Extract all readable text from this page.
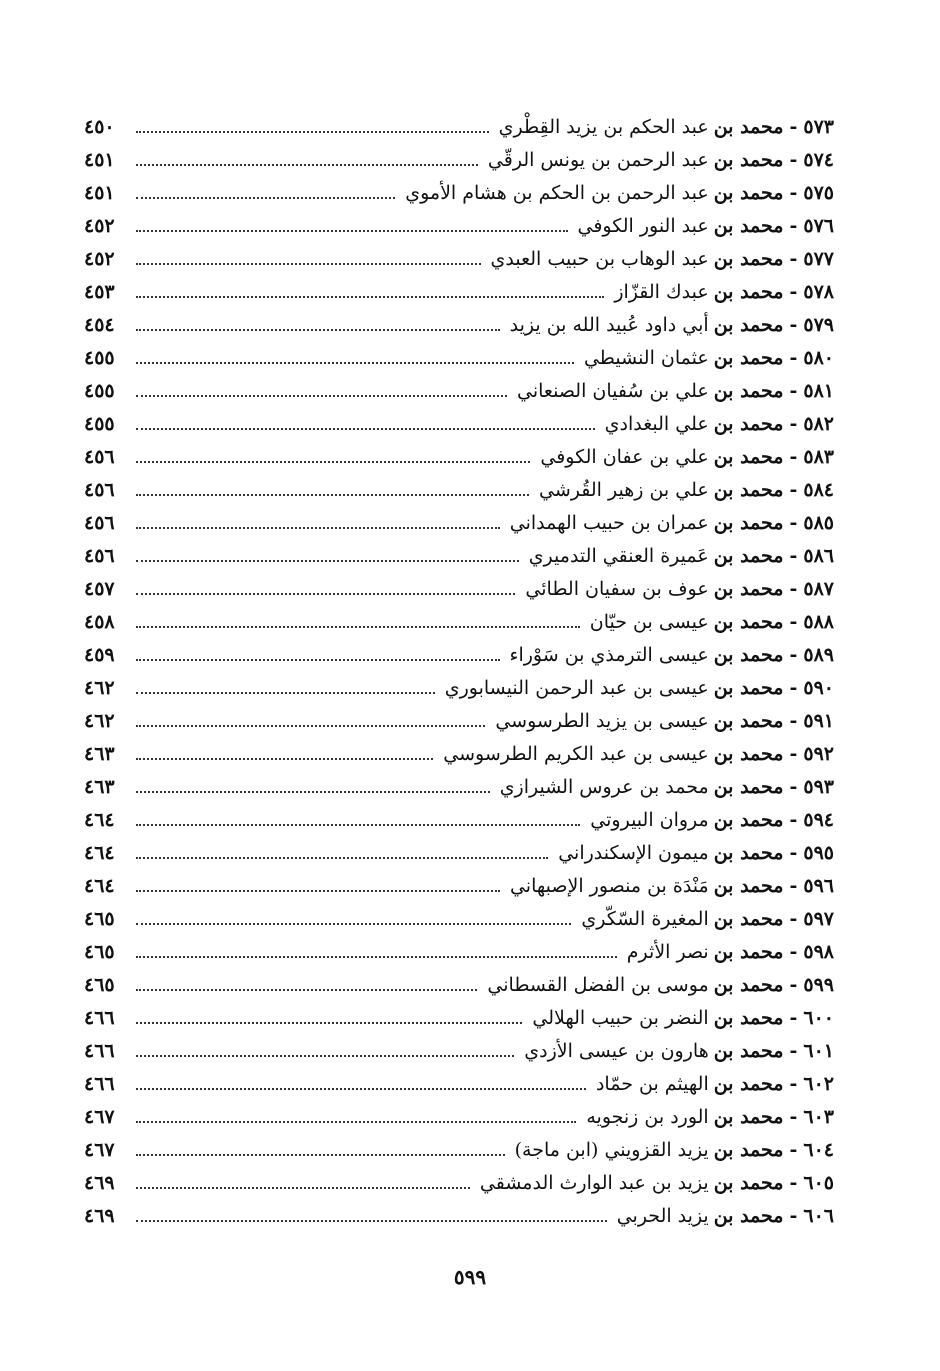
٥٧٣
-
محمد بن
عبد الحكم بن يزيد القِطْري
٤٥٠
٥٧٤
-
محمد بن
عبد الرحمن بن يونس الرقّي
٤٥١
٥٧٥
-
محمد بن
عبد الرحمن بن الحكم بن هشام الأموي
٤٥١
٥٧٦
-
محمد بن
عبد النور الكوفي
٤٥٢
٥٧٧
-
محمد بن
عبد الوهاب بن حبيب العبدي
٤٥٢
٥٧٨
-
محمد بن
عبدك القزّاز
٤٥٣
٥٧٩
-
محمد بن
أبي داود عُبيد الله بن يزيد
٤٥٤
٥٨٠
-
محمد بن
عثمان النشيطي
٤٥٥
٥٨١
-
محمد بن
علي بن سُفيان الصنعاني
٤٥٥
٥٨٢
-
محمد بن
علي البغدادي
٤٥٥
٥٨٣
-
محمد بن
علي بن عفان الكوفي
٤٥٦
٥٨٤
-
محمد بن
علي بن زهير القُرشي
٤٥٦
٥٨٥
-
محمد بن
عمران بن حبيب الهمداني
٤٥٦
٥٨٦
-
محمد بن
عَميرة العنقي التدميري
٤٥٦
٥٨٧
-
محمد بن
عوف بن سفيان الطائي
٤٥٧
٥٨٨
-
محمد بن
عيسى بن حيّان
٤٥٨
٥٨٩
-
محمد بن
عيسى الترمذي بن سَوْراء
٤٥٩
٥٩٠
-
محمد بن
عيسى بن عبد الرحمن النيسابوري
٤٦٢
٥٩١
-
محمد بن
عيسى بن يزيد الطرسوسي
٤٦٢
٥٩٢
-
محمد بن
عيسى بن عبد الكريم الطرسوسي
٤٦٣
٥٩٣
-
محمد بن
محمد بن عروس الشيرازي
٤٦٣
٥٩٤
-
محمد بن
مروان البيروتي
٤٦٤
٥٩٥
-
محمد بن
ميمون الإسكندراني
٤٦٤
٥٩٦
-
محمد بن
مَنْدَة بن منصور الإصبهاني
٤٦٤
٥٩٧
-
محمد بن
المغيرة السّكّري
٤٦٥
٥٩٨
-
محمد بن
نصر الأثرم
٤٦٥
٥٩٩
-
محمد بن
موسى بن الفضل القسطاني
٤٦٥
٦٠٠
-
محمد بن
النضر بن حبيب الهلالي
٤٦٦
٦٠١
-
محمد بن
هارون بن عيسى الأزدي
٤٦٦
٦٠٢
-
محمد بن
الهيثم بن حمّاد
٤٦٦
٦٠٣
-
محمد بن
الورد بن زنجويه
٤٦٧
٦٠٤
-
محمد بن
يزيد القزويني (ابن ماجة)
٤٦٧
٦٠٥
-
محمد بن
يزيد بن عبد الوارث الدمشقي
٤٦٩
٦٠٦
-
محمد بن
يزيد الحربي
٤٦٩
٥٩٩
